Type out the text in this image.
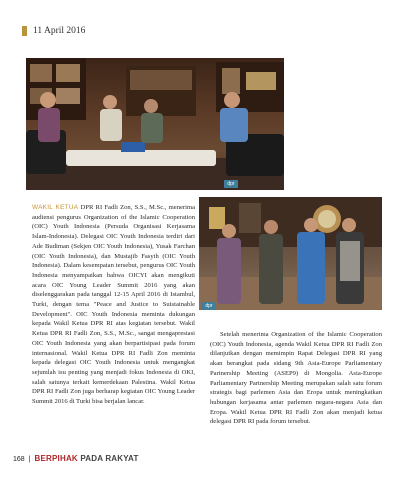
11 April 2016
dpr
dpr
WAKIL KETUA DPR RI Fadli Zon, S.S., M.Sc., menerima audiensi pengurus Organization of the Islamic Cooperation (OIC) Youth Indonesia (Persuda Organisasi Kerjasama Islam-Indonesia). Delegasi OIC Youth Indonesia terdiri dari Ade Budiman (Sekjen OIC Youth Indonesia), Yusak Farchan (OIC Youth Indonesia), dan Mustajib Fasyih (OIC Youth Indonesia). Dalam kesempatan tersebut, pengurus OIC Youth Indonesia menyampaikan bahwa OICYI akan mengikuti acara OIC Young Leader Summit 2016 yang akan diselenggarakan pada tanggal 12-15 April 2016 di Istambul, Turki, dengan tema "Peace and Justice to Suistainable Development". OIC Youth Indonesia meminta dukungan kepada Wakil Ketua DPR RI atas kegiatan tersebut. Wakil Ketua DPR RI Fadli Zon, S.S., M.Sc., sangat mengapresiasi OIC Youth Indonesia yang akan berpartisipasi pada forum internasional. Wakil Ketua DPR RI Fadli Zon meminta kepada delegasi OIC Youth Indonesia untuk mengangkat sejumlah isu penting yang menjadi fokus Indonesia di OKI, salah satunya terkait kemerdekaan Palestina. Wakil Ketua DPR RI Fadli Zon juga berharap kegiatan OIC Young Leader Summit 2016 di Turki bisa berjalan lancar.
Setelah menerima Organization of the Islamic Cooperation (OIC) Youth Indonesia, agenda Wakil Ketua DPR RI Fadli Zon dilanjutkan dengan memimpin Rapat Delegasi DPR RI yang akan berangkat pada sidang 9th Asia-Europe Parliamentary Partnership Meeting (ASEP9) di Mongolia. Asia-Europe Parliamentary Partnership Meeting merupakan salah satu forum strategis bagi parlemen Asia dan Eropa untuk meningkatkan hubungan kerjasama antar parlemen negara-negara Asia dan Eropa. Wakil Ketua DPR RI Fadli Zon akan menjadi ketua delegasi DPR RI pada forum tersebut.
168 | BERPIHAK PADA RAKYAT
